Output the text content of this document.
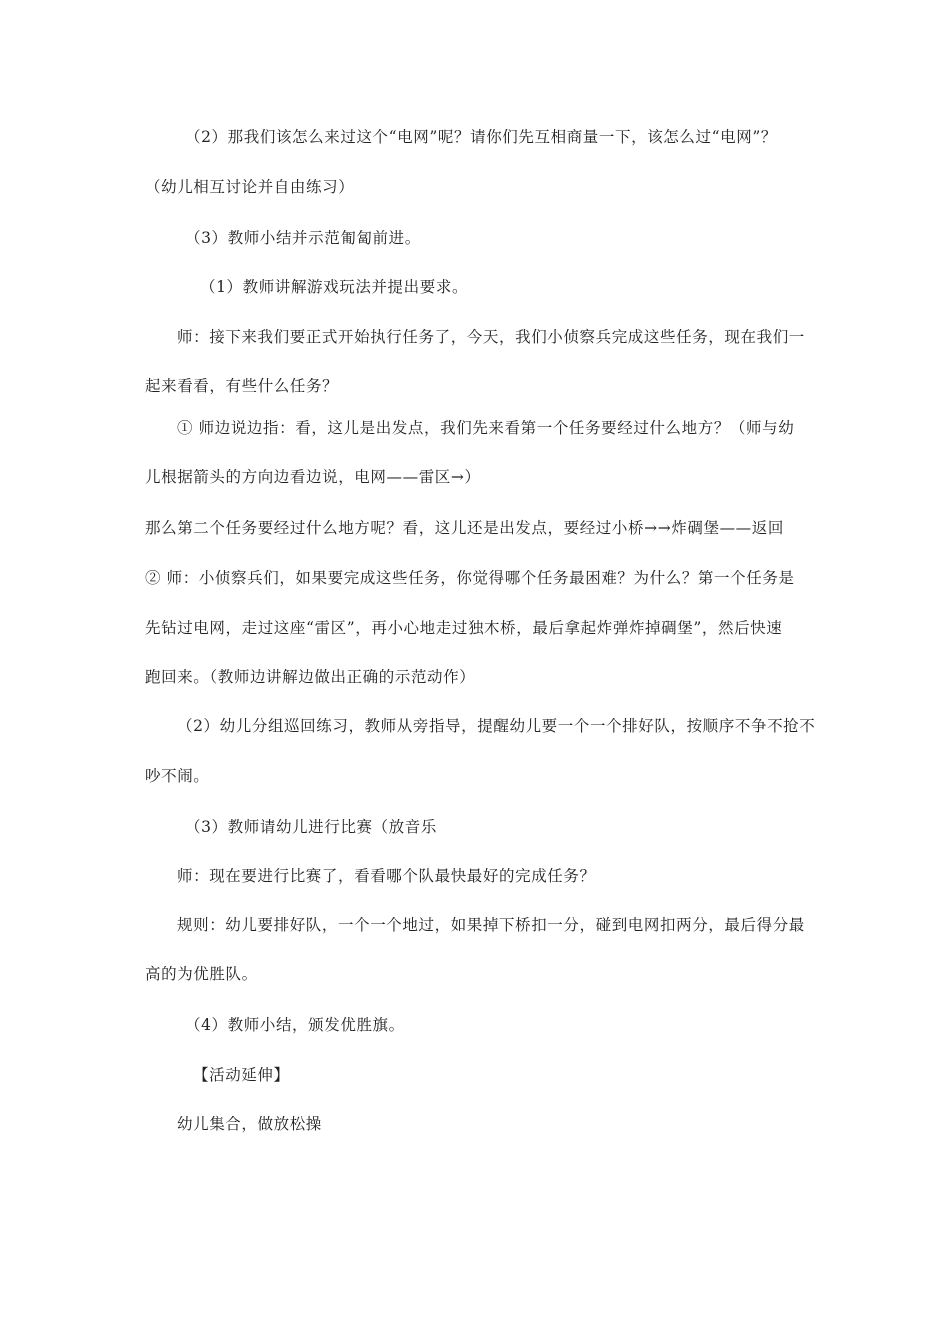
（2）那我们该怎么来过这个“电网”呢？请你们先互相商量一下，该怎么过“电网”？
（幼儿相互讨论并自由练习）
（3）教师小结并示范匍匐前进。
（1）教师讲解游戏玩法并提出要求。
师：接下来我们要正式开始执行任务了，今天，我们小侦察兵完成这些任务，现在我们一
起来看看，有些什么任务？
① 师边说边指：看，这儿是出发点，我们先来看第一个任务要经过什么地方？（师与幼
儿根据箭头的方向边看边说，电网——雷区→）
那么第二个任务要经过什么地方呢？看，这儿还是出发点，要经过小桥→→炸碉堡——返回
② 师：小侦察兵们，如果要完成这些任务，你觉得哪个任务最困难？为什么？第一个任务是
先钻过电网，走过这座“雷区”，再小心地走过独木桥，最后拿起炸弹炸掉碉堡”，然后快速
跑回来。（教师边讲解边做出正确的示范动作）
（2）幼儿分组巡回练习，教师从旁指导，提醒幼儿要一个一个排好队，按顺序不争不抢不
吵不闹。
（3）教师请幼儿进行比赛（放音乐
师：现在要进行比赛了，看看哪个队最快最好的完成任务？
规则：幼儿要排好队，一个一个地过，如果掉下桥扣一分，碰到电网扣两分，最后得分最
高的为优胜队。
（4）教师小结，颁发优胜旗。
【活动延伸】
幼儿集合，做放松操
